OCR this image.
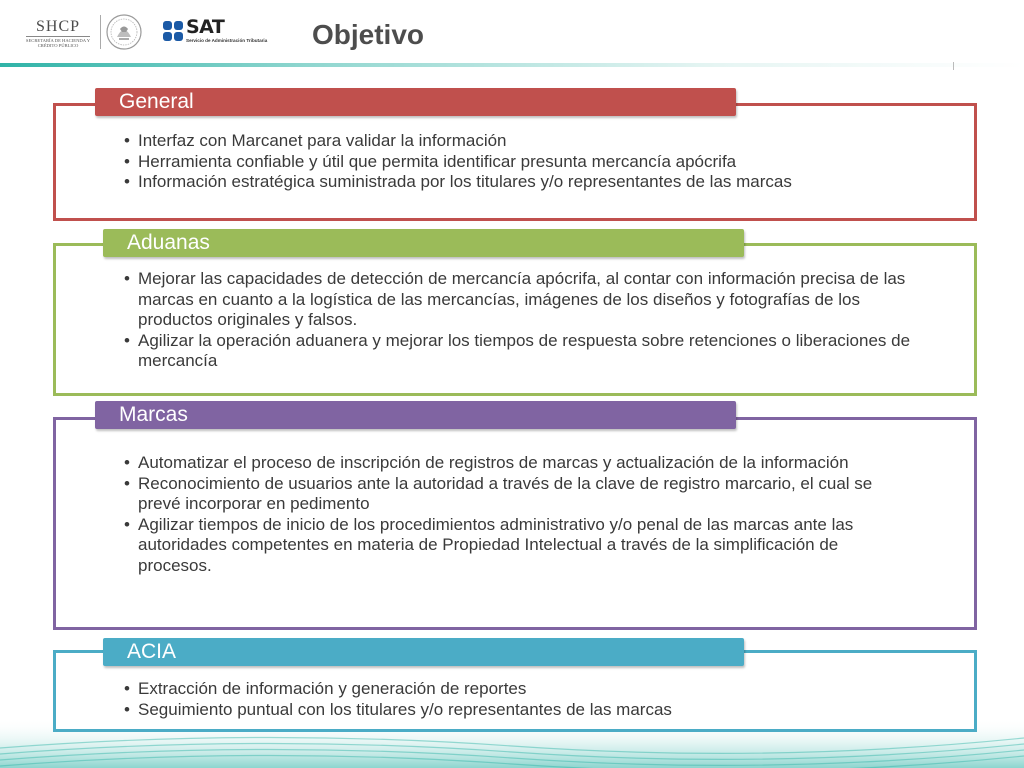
SHCP
SECRETARÍA DE HACIENDA Y CRÉDITO PÚBLICO
SAT
Servicio de Administración Tributaria Objetivo
General
• Interfaz con Marcanet para validar la información
• Herramienta confiable y útil que permita identificar presunta mercancía apócrifa
• Información estratégica suministrada por los titulares y/o representantes de las marcas
Aduanas
• Mejorar las capacidades de detección de mercancía apócrifa, al contar con información precisa de las marcas en cuanto a la logística de las mercancías, imágenes de los diseños y fotografías de los productos originales y falsos.
• Agilizar la operación aduanera y mejorar los tiempos de respuesta sobre retenciones o liberaciones de mercancía
Marcas
• Automatizar el proceso de inscripción de registros de marcas y actualización de la información
• Reconocimiento de usuarios ante la autoridad a través de la clave de registro marcario, el cual se prevé incorporar en pedimento
• Agilizar tiempos de inicio de los procedimientos administrativo y/o penal de las marcas ante las autoridades competentes en materia de Propiedad Intelectual a través de la simplificación de procesos.
ACIA
• Extracción de información y generación de reportes
• Seguimiento puntual con los titulares y/o representantes de las marcas
